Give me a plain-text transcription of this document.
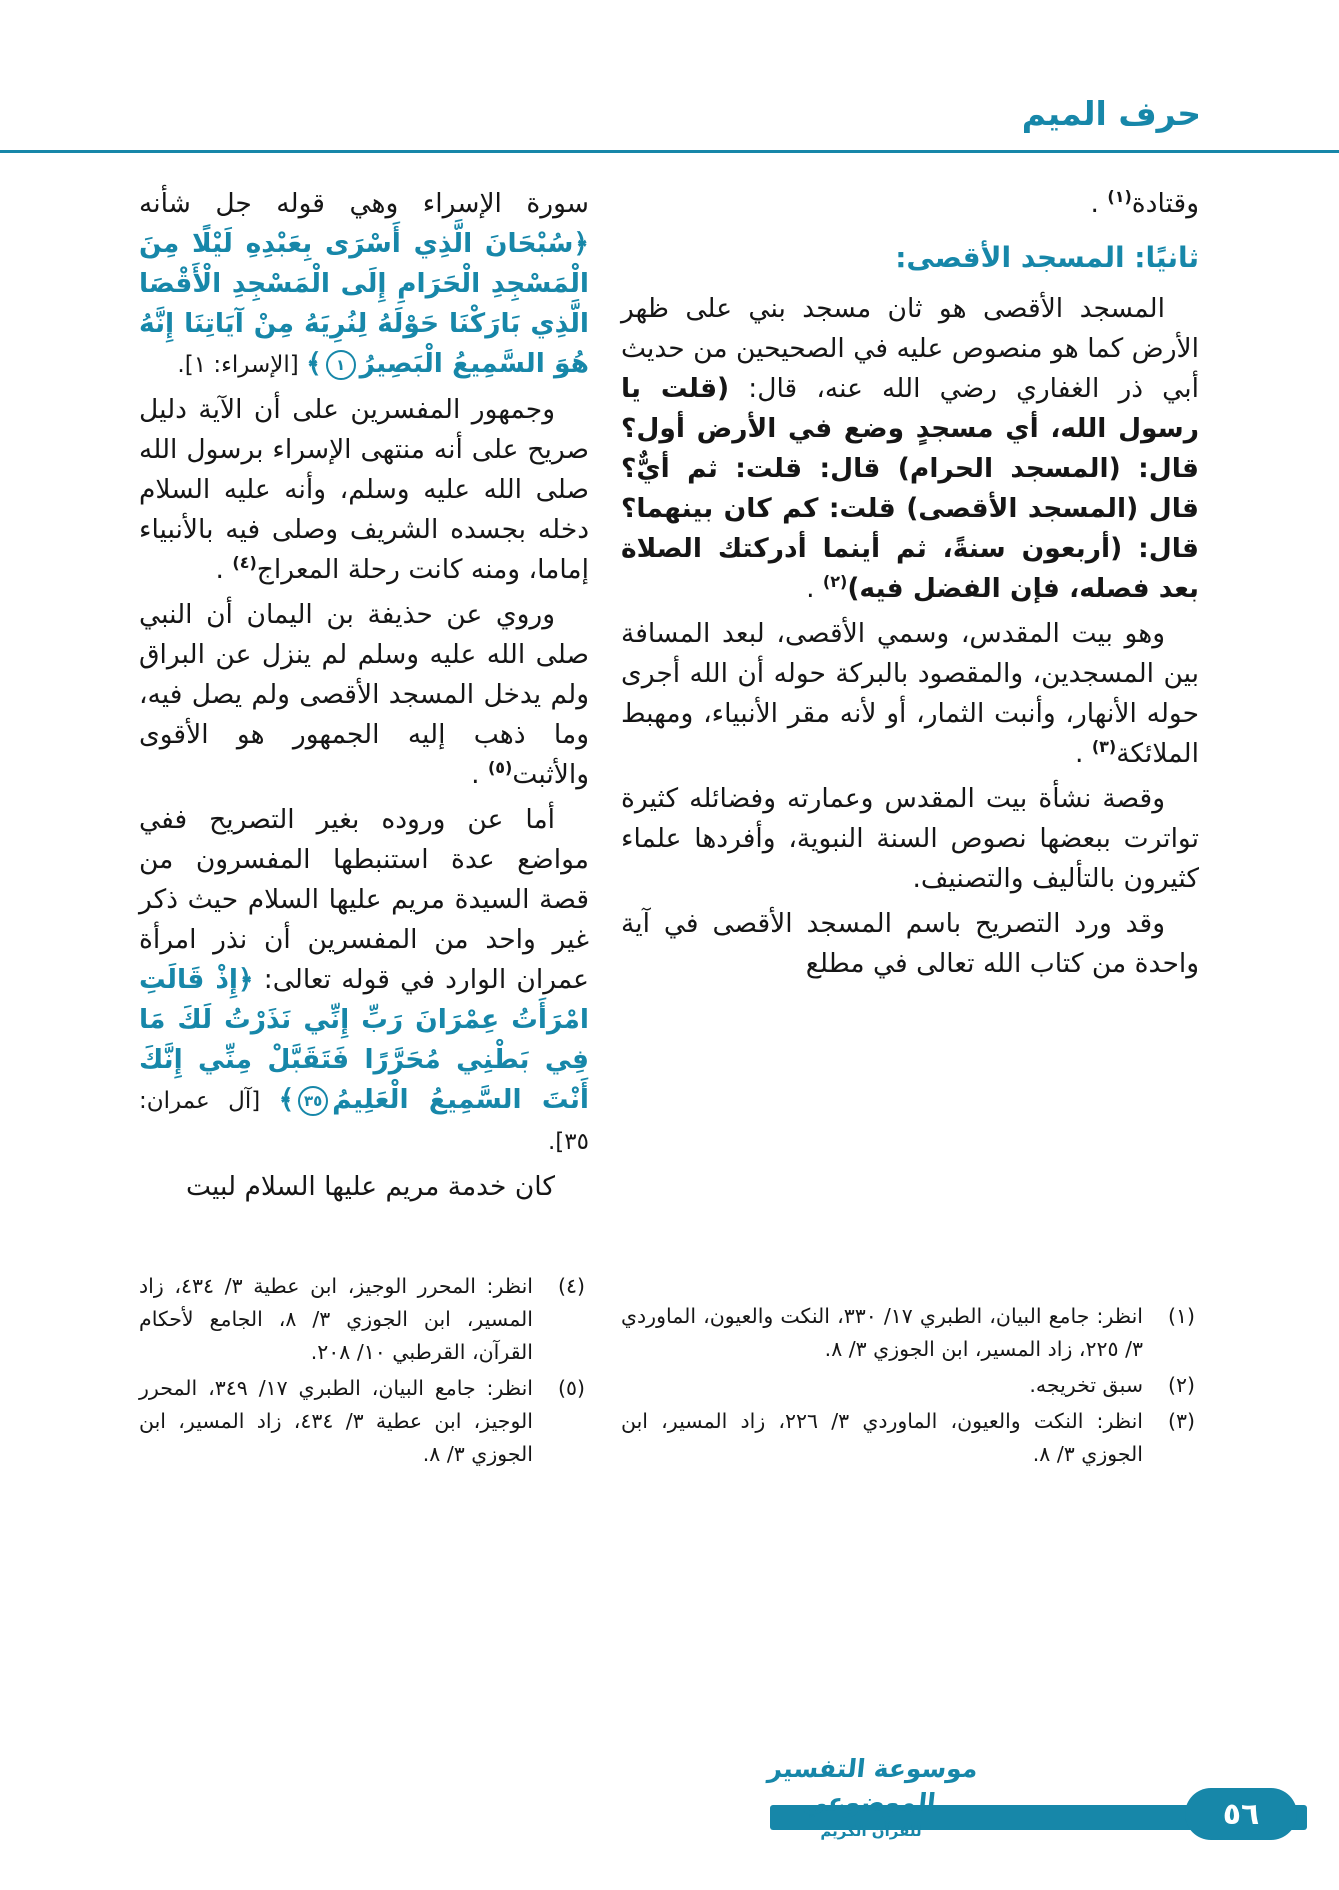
حرف الميم

وقتادة$^{(١)}$ .

ثانيًا: المسجد الأقصى:

المسجد الأقصى هو ثان مسجد بني على ظهر الأرض كما هو منصوص عليه في الصحيحين من حديث أبي ذر الغفاري رضي الله عنه، قال: (قلت يا رسول الله، أي مسجدٍ وضع في الأرض أول؟ قال: (المسجد الحرام) قال: قلت: ثم أيٌّ؟ قال (المسجد الأقصى) قلت: كم كان بينهما؟ قال: (أربعون سنةً، ثم أينما أدركتك الصلاة بعد فصله، فإن الفضل فيه)$^{(٢)}$ .

وهو بيت المقدس، وسمي الأقصى، لبعد المسافة بين المسجدين، والمقصود بالبركة حوله أن الله أجرى حوله الأنهار، وأنبت الثمار، أو لأنه مقر الأنبياء، ومهبط الملائكة$^{(٣)}$ .

وقصة نشأة بيت المقدس وعمارته وفضائله كثيرة تواترت ببعضها نصوص السنة النبوية، وأفردها علماء كثيرون بالتأليف والتصنيف.

وقد ورد التصريح باسم المسجد الأقصى في آية واحدة من كتاب الله تعالى في مطلع

(١)
انظر: جامع البيان، الطبري ١٧/ ٣٣٠، النكت والعيون، الماوردي ٣/ ٢٢٥، زاد المسير، ابن الجوزي ٣/ ٨.
(٢)
سبق تخريجه.
(٣)
انظر: النكت والعيون، الماوردي ٣/ ٢٢٦، زاد المسير، ابن الجوزي ٣/ ٨.

سورة الإسراء وهي قوله جل شأنه ﴿سُبْحَانَ الَّذِي أَسْرَى بِعَبْدِهِ لَيْلًا مِنَ الْمَسْجِدِ الْحَرَامِ إِلَى الْمَسْجِدِ الْأَقْصَا الَّذِي بَارَكْنَا حَوْلَهُ لِنُرِيَهُ مِنْ آيَاتِنَا إِنَّهُ هُوَ السَّمِيعُ الْبَصِيرُ١﴾ [الإسراء: ١].

وجمهور المفسرين على أن الآية دليل صريح على أنه منتهى الإسراء برسول الله صلى الله عليه وسلم، وأنه عليه السلام دخله بجسده الشريف وصلى فيه بالأنبياء إماما، ومنه كانت رحلة المعراج$^{(٤)}$ .

وروي عن حذيفة بن اليمان أن النبي صلى الله عليه وسلم لم ينزل عن البراق ولم يدخل المسجد الأقصى ولم يصل فيه، وما ذهب إليه الجمهور هو الأقوى والأثبت$^{(٥)}$ .

أما عن وروده بغير التصريح ففي مواضع عدة استنبطها المفسرون من قصة السيدة مريم عليها السلام حيث ذكر غير واحد من المفسرين أن نذر امرأة عمران الوارد في قوله تعالى: ﴿إِذْ قَالَتِ امْرَأَتُ عِمْرَانَ رَبِّ إِنِّي نَذَرْتُ لَكَ مَا فِي بَطْنِي مُحَرَّرًا فَتَقَبَّلْ مِنِّي إِنَّكَ أَنْتَ السَّمِيعُ الْعَلِيمُ٣٥﴾ [آل عمران: ٣٥].

كان خدمة مريم عليها السلام لبيت

(٤)
انظر: المحرر الوجيز، ابن عطية ٣/ ٤٣٤، زاد المسير، ابن الجوزي ٣/ ٨، الجامع لأحكام القرآن، القرطبي ١٠/ ٢٠٨.
(٥)
انظر: جامع البيان، الطبري ١٧/ ٣٤٩، المحرر الوجيز، ابن عطية ٣/ ٤٣٤، زاد المسير، ابن الجوزي ٣/ ٨.
موسوعة التفسير الموضوعي
للقرآن الكريم	٥٦
